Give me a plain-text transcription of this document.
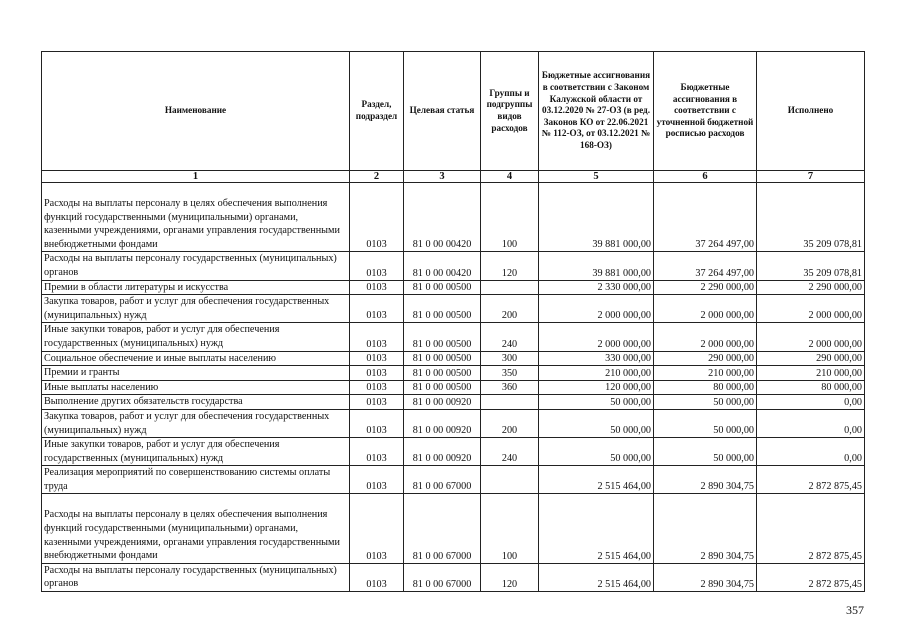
Наименование	Раздел, подраздел	Целевая статья	Группы и подгруппы видов расходов	Бюджетные ассигнования в соответствии с Законом Калужской области от 03.12.2020 № 27-ОЗ (в ред. Законов КО от 22.06.2021 № 112-ОЗ, от 03.12.2021 № 168-ОЗ)	Бюджетные ассигнования в соответствии с уточненной бюджетной росписью расходов	Исполнено
1	2	3	4	5	6	7
Расходы на выплаты персоналу в целях обеспечения выполнения функций государственными (муниципальными) органами, казенными учреждениями, органами управления государственными внебюджетными фондами	0103	81 0 00 00420	100	39 881 000,00	37 264 497,00	35 209 078,81
Расходы на выплаты персоналу государственных (муниципальных) органов	0103	81 0 00 00420	120	39 881 000,00	37 264 497,00	35 209 078,81
Премии в области литературы и искусства	0103	81 0 00 00500		2 330 000,00	2 290 000,00	2 290 000,00
Закупка товаров, работ и услуг для обеспечения государственных (муниципальных) нужд	0103	81 0 00 00500	200	2 000 000,00	2 000 000,00	2 000 000,00
Иные закупки товаров, работ и услуг для обеспечения государственных (муниципальных) нужд	0103	81 0 00 00500	240	2 000 000,00	2 000 000,00	2 000 000,00
Социальное обеспечение и иные выплаты населению	0103	81 0 00 00500	300	330 000,00	290 000,00	290 000,00
Премии и гранты	0103	81 0 00 00500	350	210 000,00	210 000,00	210 000,00
Иные выплаты населению	0103	81 0 00 00500	360	120 000,00	80 000,00	80 000,00
Выполнение других обязательств государства	0103	81 0 00 00920		50 000,00	50 000,00	0,00
Закупка товаров, работ и услуг для обеспечения государственных (муниципальных) нужд	0103	81 0 00 00920	200	50 000,00	50 000,00	0,00
Иные закупки товаров, работ и услуг для обеспечения государственных (муниципальных) нужд	0103	81 0 00 00920	240	50 000,00	50 000,00	0,00
Реализация мероприятий по совершенствованию системы оплаты труда	0103	81 0 00 67000		2 515 464,00	2 890 304,75	2 872 875,45
Расходы на выплаты персоналу в целях обеспечения выполнения функций государственными (муниципальными) органами, казенными учреждениями, органами управления государственными внебюджетными фондами	0103	81 0 00 67000	100	2 515 464,00	2 890 304,75	2 872 875,45
Расходы на выплаты персоналу государственных (муниципальных) органов	0103	81 0 00 67000	120	2 515 464,00	2 890 304,75	2 872 875,45
357
